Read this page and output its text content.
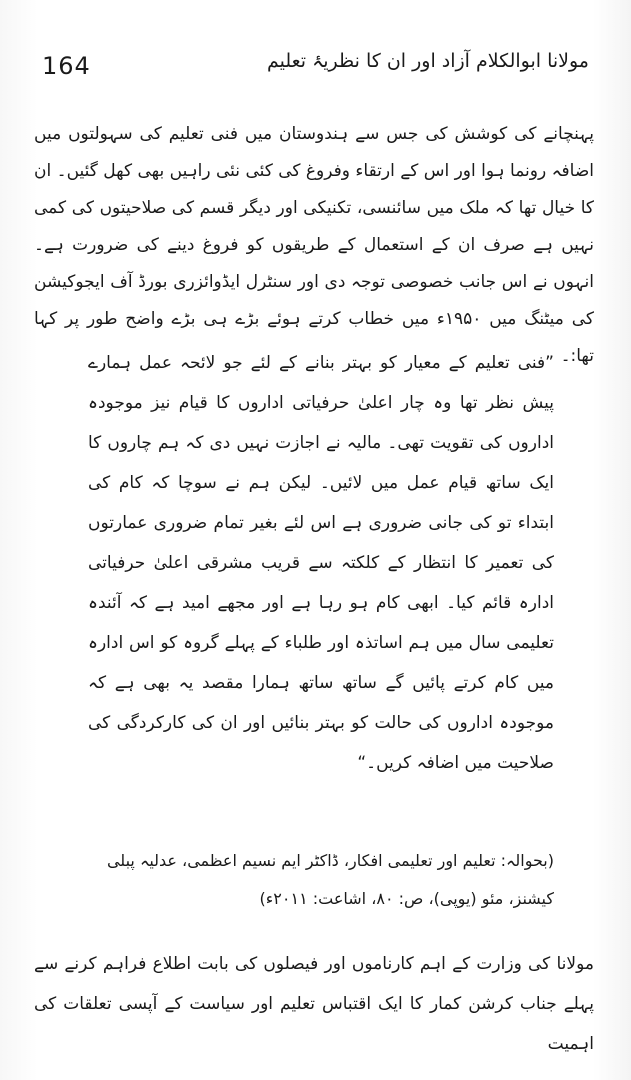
164	مولانا ابوالکلام آزاد اور ان کا نظریۂ تعلیم

پہنچانے کی کوشش کی جس سے ہندوستان میں فنی تعلیم کی سہولتوں میں اضافہ رونما ہوا اور اس کے ارتقاء وفروغ کی کئی نئی راہیں بھی کھل گئیں۔ ان کا خیال تھا کہ ملک میں سائنسی، تکنیکی اور دیگر قسم کی صلاحیتوں کی کمی نہیں ہے صرف ان کے استعمال کے طریقوں کو فروغ دینے کی ضرورت ہے۔ انہوں نے اس جانب خصوصی توجہ دی اور سنٹرل ایڈوائزری بورڈ آف ایجوکیشن کی میٹنگ میں ۱۹۵۰ء میں خطاب کرتے ہوئے بڑے ہی بڑے واضح طور پر کہا تھا:۔

”فنی تعلیم کے معیار کو بہتر بنانے کے لئے جو لائحہ عمل ہمارے پیش نظر تھا وہ چار اعلیٰ حرفیاتی اداروں کا قیام نیز موجودہ اداروں کی تقویت تھی۔ مالیہ نے اجازت نہیں دی کہ ہم چاروں کا ایک ساتھ قیام عمل میں لائیں۔ لیکن ہم نے سوچا کہ کام کی ابتداء تو کی جانی ضروری ہے اس لئے بغیر تمام ضروری عمارتوں کی تعمیر کا انتظار کے کلکتہ سے قریب مشرقی اعلیٰ حرفیاتی ادارہ قائم کیا۔ ابھی کام ہو رہا ہے اور مجھے امید ہے کہ آئندہ تعلیمی سال میں ہم اساتذہ اور طلباء کے پہلے گروہ کو اس ادارہ میں کام کرتے پائیں گے ساتھ ساتھ ہمارا مقصد یہ بھی ہے کہ موجودہ اداروں کی حالت کو بہتر بنائیں اور ان کی کارکردگی کی صلاحیت میں اضافہ کریں۔“

(بحوالہ: تعلیم اور تعلیمی افکار، ڈاکٹر ایم نسیم اعظمی، عدلیہ پبلی کیشنز، مئو (یوپی)، ص: ۸۰، اشاعت: ۲۰۱۱ء)

مولانا کی وزارت کے اہم کارناموں اور فیصلوں کی بابت اطلاع فراہم کرنے سے پہلے جناب کرشن کمار کا ایک اقتباس تعلیم اور سیاست کے آپسی تعلقات کی اہمیت
